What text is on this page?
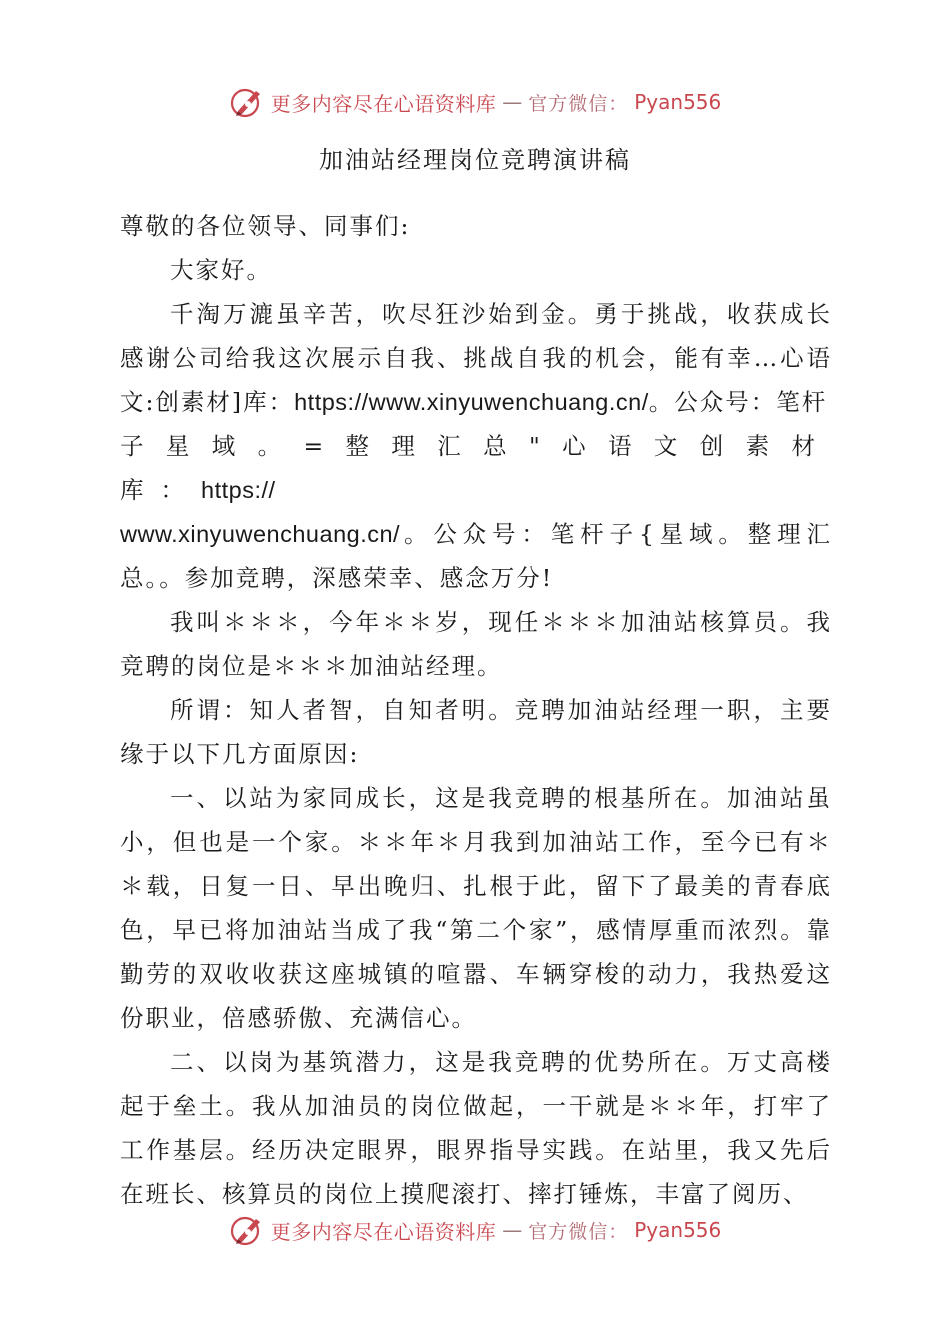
更多内容尽在心语资料库 — 官方微信： Pyan556
加油站经理岗位竞聘演讲稿

尊敬的各位领导、同事们:

大家好。

千淘万漉虽辛苦，吹尽狂沙始到金。勇于挑战，收获成长感谢公司给我这次展示自我、挑战自我的机会，能有幸…心语文:创素材]库：https://www.xinyuwenchuang.cn/。公众号：笔杆
子星域。=整理汇总"心语文创素材库：https://
www.xinyuwenchuang.cn/。公众号：笔杆子{星域。整理汇总。。参加竞聘，深感荣幸、感念万分!

我叫＊＊＊，今年＊＊岁，现任＊＊＊加油站核算员。我竞聘的岗位是＊＊＊加油站经理。

所谓：知人者智，自知者明。竞聘加油站经理一职，主要缘于以下几方面原因:

一、以站为家同成长，这是我竞聘的根基所在。加油站虽小，但也是一个家。＊＊年＊月我到加油站工作，至今已有＊＊载，日复一日、早出晚归、扎根于此，留下了最美的青春底色，早已将加油站当成了我“第二个家”，感情厚重而浓烈。靠勤劳的双收收获这座城镇的喧嚣、车辆穿梭的动力，我热爱这份职业，倍感骄傲、充满信心。

二、以岗为基筑潜力，这是我竞聘的优势所在。万丈高楼起于垒土。我从加油员的岗位做起，一干就是＊＊年，打牢了工作基层。经历决定眼界，眼界指导实践。在站里，我又先后在班长、核算员的岗位上摸爬滚打、摔打锤炼，丰富了阅历、

更多内容尽在心语资料库 — 官方微信： Pyan556
